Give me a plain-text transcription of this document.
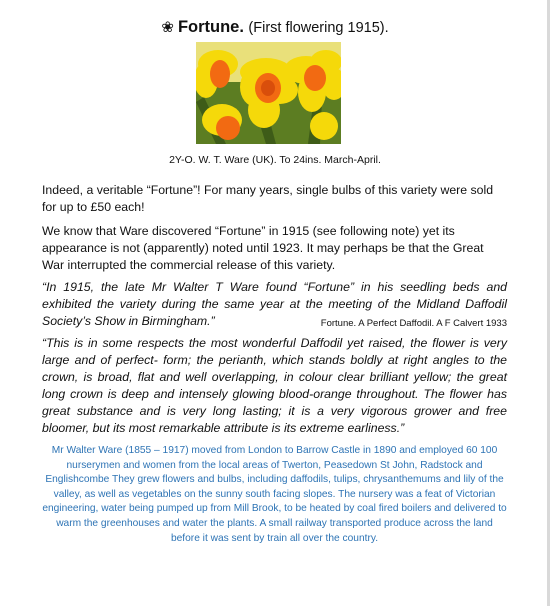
❀ Fortune. (First flowering 1915).
2Y-O. W. T. Ware (UK). To 24ins. March-April.

Indeed, a veritable “Fortune”! For many years, single bulbs of this variety were sold for up to £50 each!

We know that Ware discovered “Fortune” in 1915 (see following note) yet its appearance is not (apparently) noted until 1923. It may perhaps be that the Great War interrupted the commercial release of this variety.

“In 1915, the late Mr Walter T Ware found “Fortune” in his seedling beds and exhibited the variety during the same year at the meeting of the Midland Daffodil Society’s Show in Birmingham.”	Fortune. A Perfect Daffodil. A F Calvert 1933

“This is in some respects the most wonderful Daffodil yet raised, the flower is very large and of perfect- form; the perianth, which stands boldly at right angles to the crown, is broad, flat and well overlapping, in colour clear brilliant yellow; the great long crown is deep and intensely glowing blood-orange throughout. The flower has great substance and is very long lasting; it is a very vigorous grower and free bloomer, but its most remarkable attribute is its extreme earliness.”

Mr Walter Ware (1855 – 1917) moved from London to Barrow Castle in 1890 and employed 60 100 nurserymen and women from the local areas of Twerton, Peasedown St John, Radstock and Englishcombe They grew flowers and bulbs, including daffodils, tulips, chrysanthemums and lily of the valley, as well as vegetables on the sunny south facing slopes. The nursery was a feat of Victorian engineering, water being pumped up from Mill Brook, to be heated by coal fired boilers and delivered to warm the greenhouses and water the plants. A small railway transported produce across the land before it was sent by train all over the country.
